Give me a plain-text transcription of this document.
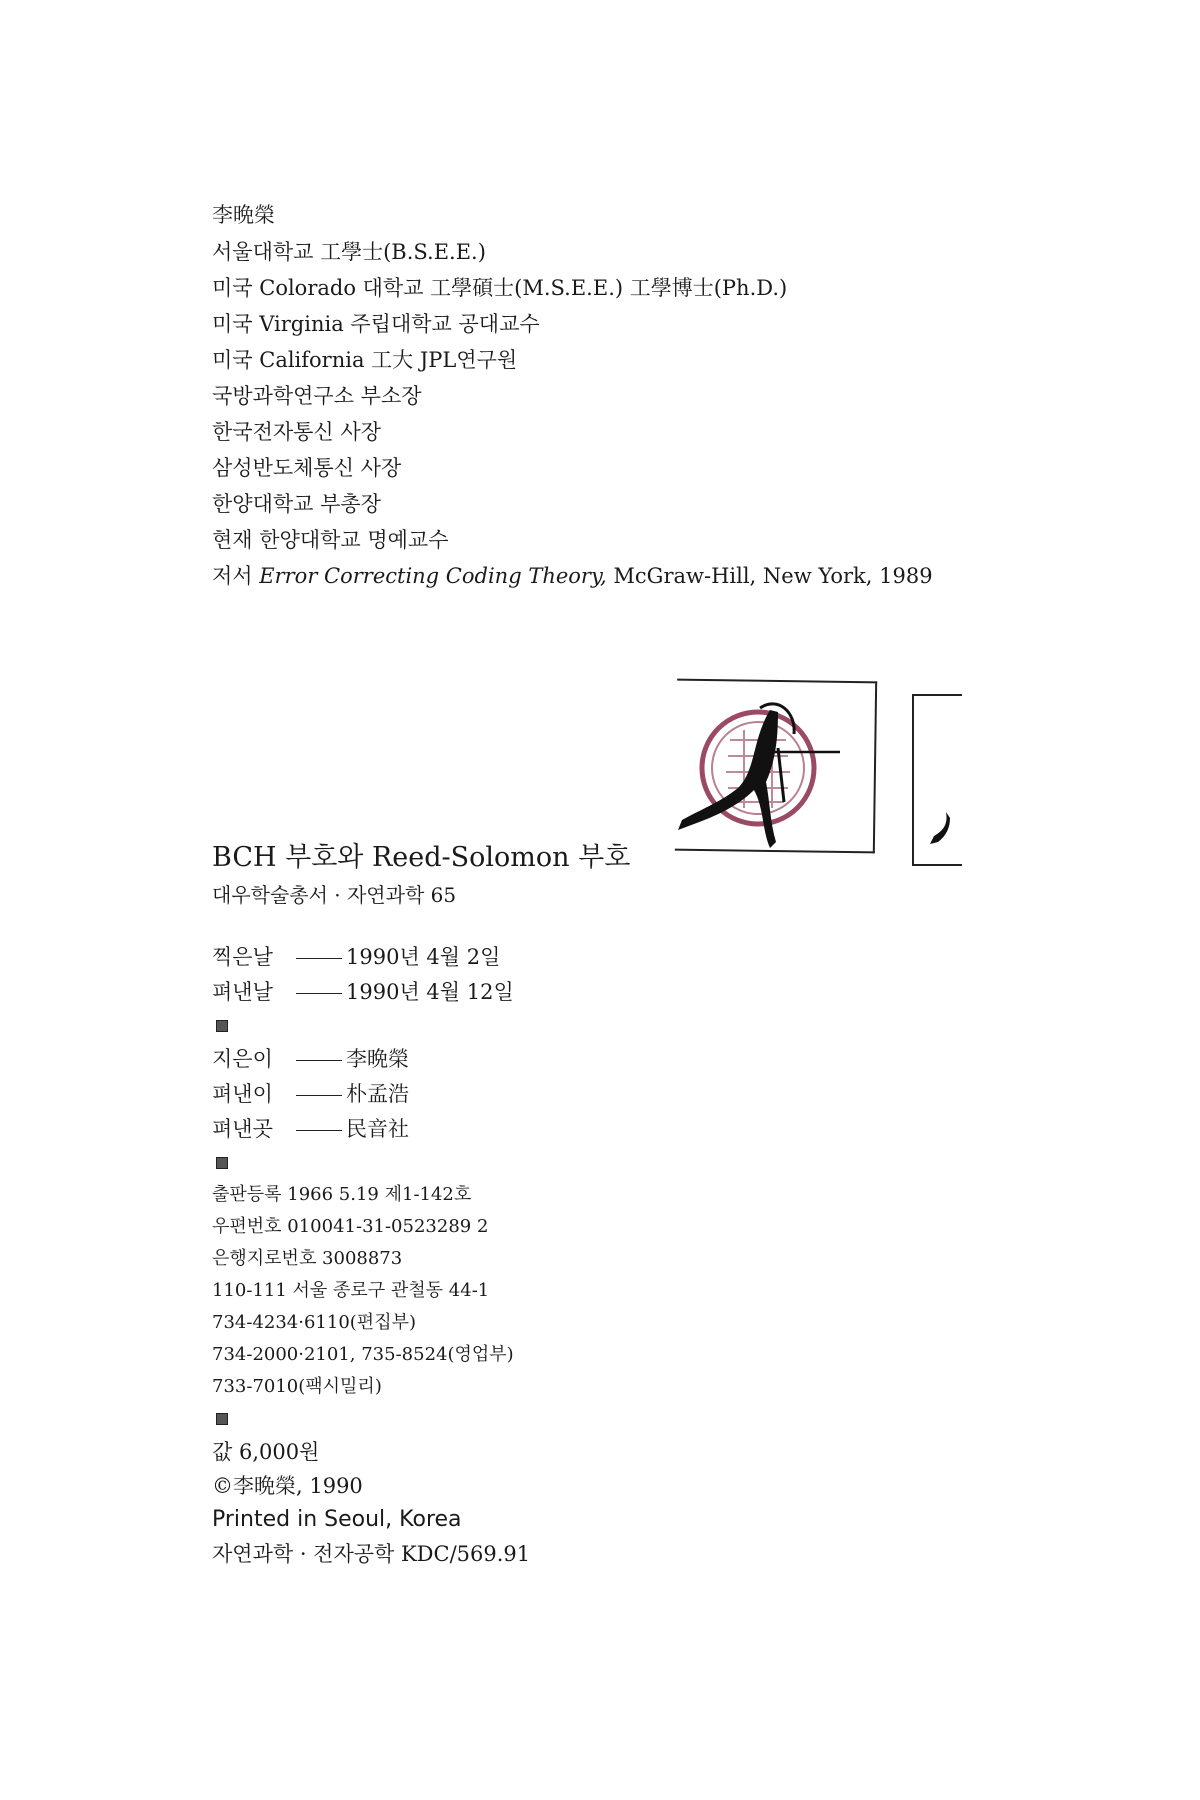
李晩榮
서울대학교 工學士(B.S.E.E.)
미국 Colorado 대학교 工學碩士(M.S.E.E.) 工學博士(Ph.D.)
미국 Virginia 주립대학교 공대교수
미국 California 工大 JPL연구원
국방과학연구소 부소장
한국전자통신 사장
삼성반도체통신 사장
한양대학교 부총장
현재 한양대학교 명예교수
저서 Error Correcting Coding Theory, McGraw-Hill, New York, 1989
BCH 부호와 Reed-Solomon 부호
대우학술총서 · 자연과학 65
찍은날	1990년 4월 2일
펴낸날	1990년 4월 12일
지은이	李晩榮
펴낸이	朴孟浩
펴낸곳	民音社
출판등록 1966 5.19 제1-142호
우편번호 010041-31-0523289 2
은행지로번호 3008873
110-111 서울 종로구 관철동 44-1
734-4234·6110(편집부)
734-2000·2101, 735-8524(영업부)
733-7010(팩시밀리)
값 6,000원
©李晩榮, 1990
Printed in Seoul, Korea
자연과학 · 전자공학 KDC/569.91
